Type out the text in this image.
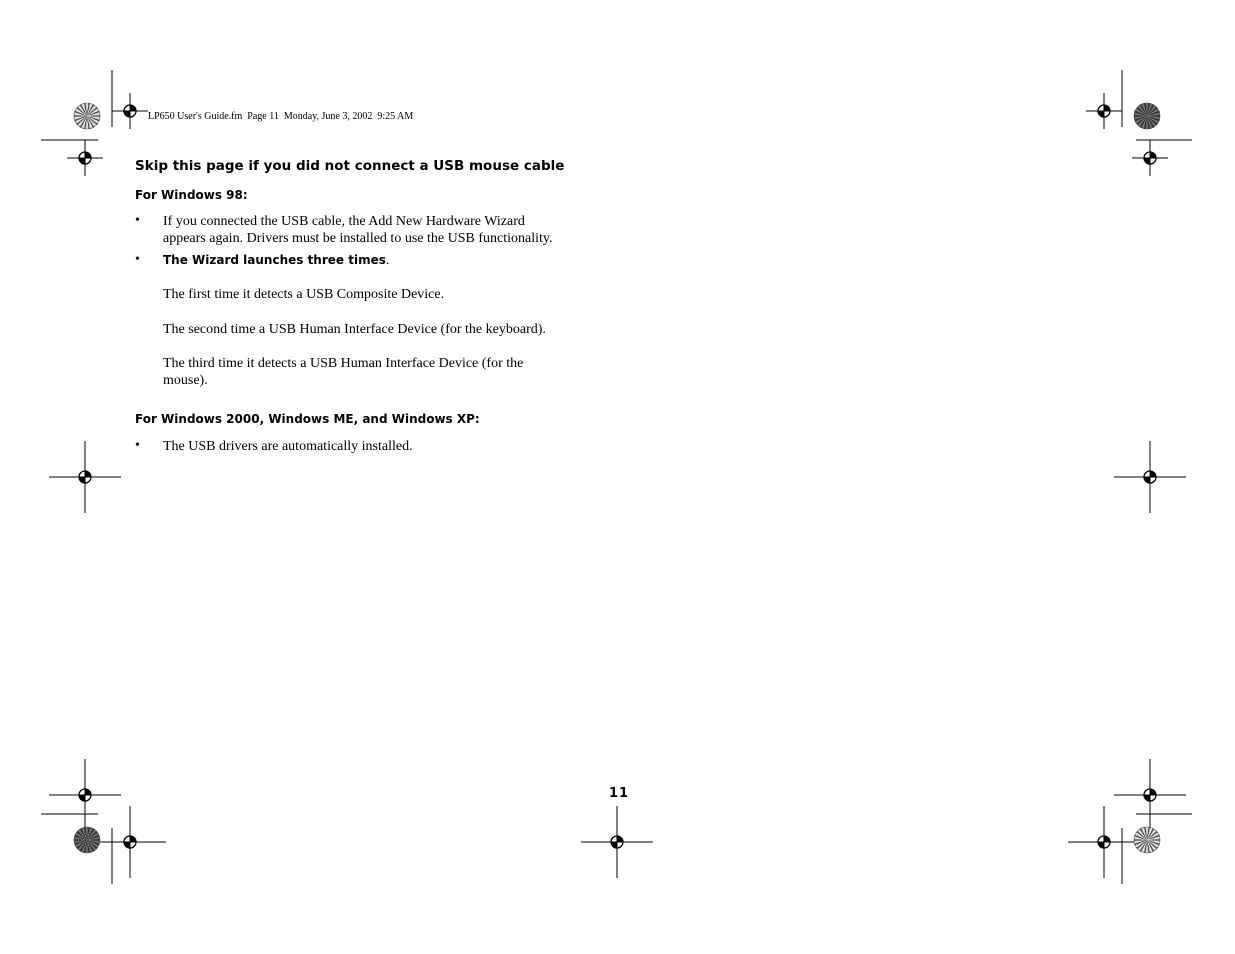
LP650 User's Guide.fm  Page 11  Monday, June 3, 2002  9:25 AM
Skip this page if you did not connect a USB mouse cable
For Windows 98:
• If you connected the USB cable, the Add New Hardware Wizard
appears again. Drivers must be installed to use the USB functionality.
• The Wizard launches three times.
The first time it detects a USB Composite Device.
The second time a USB Human Interface Device (for the keyboard).
The third time it detects a USB Human Interface Device (for the
mouse).
For Windows 2000, Windows ME, and Windows XP:
• The USB drivers are automatically installed.
11
